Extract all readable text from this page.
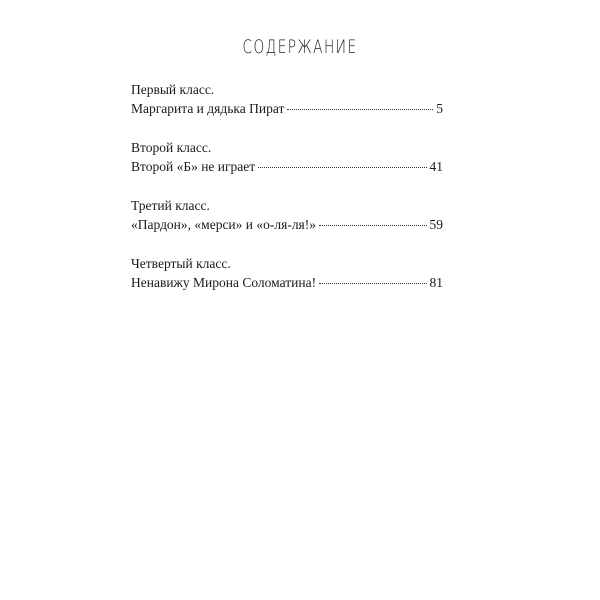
СОДЕРЖАНИЕ
Первый класс.
Маргарита и дядька Пират	5
Второй класс.
Второй «Б» не играет	41
Третий класс.
«Пардон», «мерси» и «о-ля-ля!»	59
Четвертый класс.
Ненавижу Мирона Соломатина!	81
